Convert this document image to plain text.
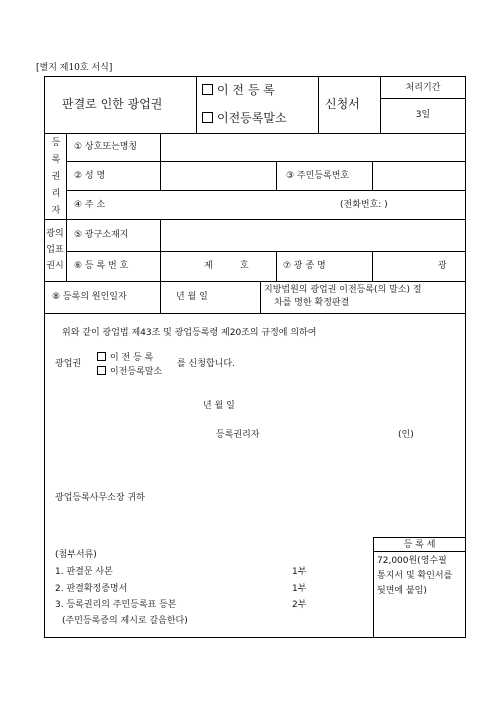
[별지 제10호 서식]
판결로 인한 광업권
이 전 등 록
이전등록말소
신청서
처리기간
3일
등록권리자
① 상호또는명칭
② 성 명	③ 주민등록번호
④ 주 소	(전화번호: )
광의
업표
권시
⑤ 광구소재지
⑥ 등 록 번 호	제	호	⑦ 광 종 명	광
⑧ 등록의 원인일자	년 월 일
지방법원의 광업권 이전등록(의 말소) 절
차를 명한 확정판결
위와 같이 광업법 제43조 및 광업등록령 제20조의 규정에 의하여
광업권
이 전 등 록
이전등록말소
를 신청합니다.
년 월 일
등록권리자	(인)
광업등록사무소장 귀하
(첨부서류)
1. 판결문 사본	1부
2. 판결확정증명서	1부
3. 등록권리의 주민등록표 등본	2부
(주민등록증의 제시로 갈음한다)
등 록 세
72,000원(영수필
통지서 및 확인서를
뒷면에 붙임)
